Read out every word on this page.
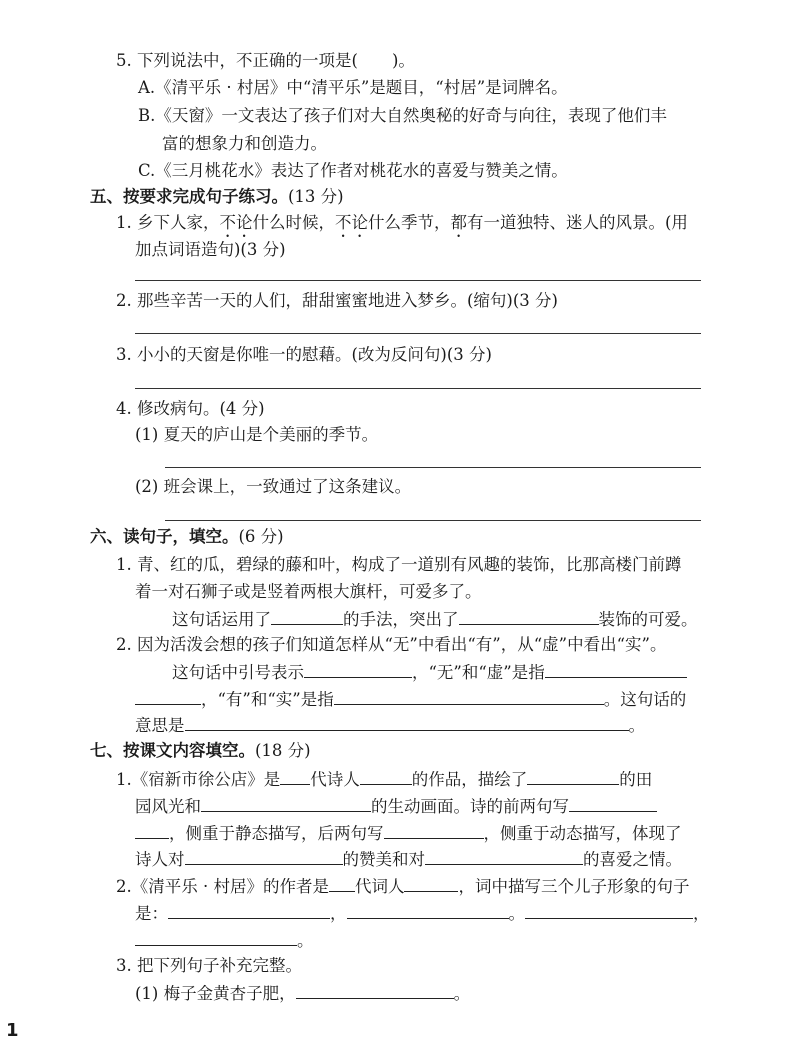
5. 下列说法中，不正确的一项是( )。
A.《清平乐 · 村居》中“清平乐”是题目，“村居”是词牌名。
B.《天窗》一文表达了孩子们对大自然奥秘的好奇与向往，表现了他们丰
富的想象力和创造力。
C.《三月桃花水》表达了作者对桃花水的喜爱与赞美之情。
五、按要求完成句子练习。(13 分)
1. 乡下人家，不论什么时候，不论什么季节，都有一道独特、迷人的风景。(用
加点词语造句)(3 分)
2. 那些辛苦一天的人们，甜甜蜜蜜地进入梦乡。(缩句)(3 分)
3. 小小的天窗是你唯一的慰藉。(改为反问句)(3 分)
4. 修改病句。(4 分)
(1) 夏天的庐山是个美丽的季节。
(2) 班会课上，一致通过了这条建议。
六、读句子，填空。(6 分)
1. 青、红的瓜，碧绿的藤和叶，构成了一道别有风趣的装饰，比那高楼门前蹲
着一对石狮子或是竖着两根大旗杆，可爱多了。
这句话运用了	的手法，突出了	装饰的可爱。
2. 因为活泼会想的孩子们知道怎样从“无”中看出“有”，从“虚”中看出“实”。
这句话中引号表示	，“无”和“虚”是指
，“有”和“实”是指	。这句话的
意思是	。
七、按课文内容填空。(18 分)
1.《宿新市徐公店》是 代诗人	的作品，描绘了	的田
园风光和	的生动画面。诗的前两句写
，侧重于静态描写，后两句写	，侧重于动态描写，体现了
诗人对	的赞美和对	的喜爱之情。
2.《清平乐 · 村居》的作者是 代词人	，词中描写三个儿子形象的句子
是：	，	。	，
。
3. 把下列句子补充完整。
(1) 梅子金黄杏子肥，	。
1
